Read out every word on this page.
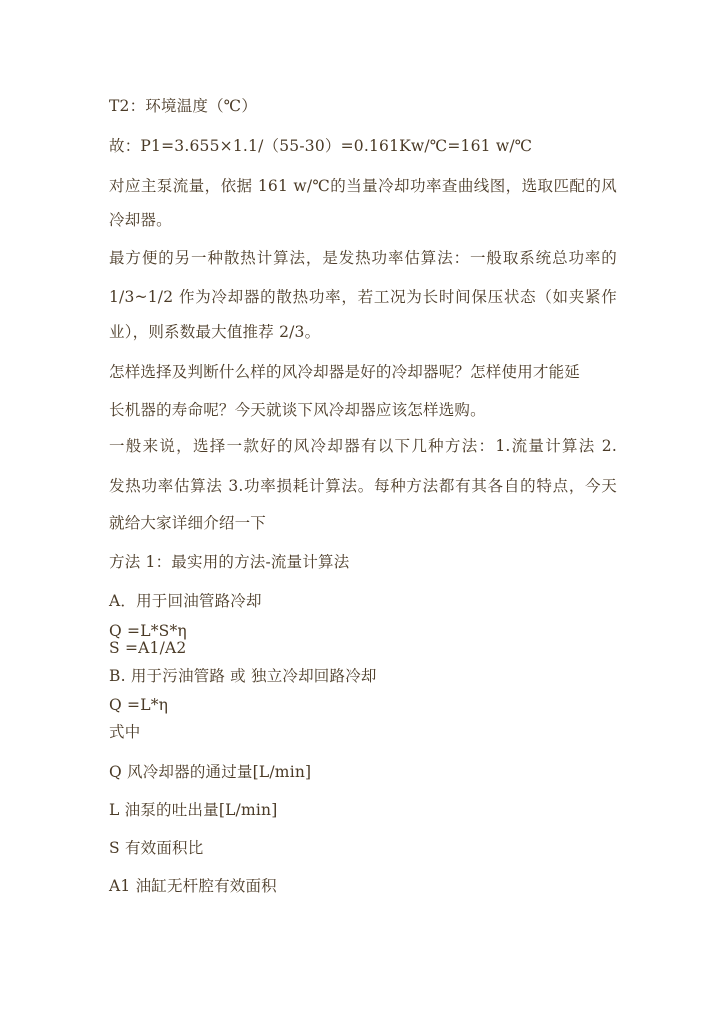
T2：环境温度（℃）
故：P1=3.655×1.1/（55-30）=0.161Kw/℃=161 w/℃
对应主泵流量，依据 161 w/℃的当量冷却功率查曲线图，选取匹配的风
冷却器。
最方便的另一种散热计算法，是发热功率估算法：一般取系统总功率的
1/3~1/2 作为冷却器的散热功率，若工况为长时间保压状态（如夹紧作
业），则系数最大值推荐 2/3。
怎样选择及判断什么样的风冷却器是好的冷却器呢？怎样使用才能延
长机器的寿命呢？今天就谈下风冷却器应该怎样选购。
一般来说，选择一款好的风冷却器有以下几种方法：1.流量计算法 2.
发热功率估算法 3.功率损耗计算法。每种方法都有其各自的特点，今天
就给大家详细介绍一下
方法 1：最实用的方法-流量计算法
A．用于回油管路冷却
Q =L*S*η
S =A1/A2
B. 用于污油管路 或 独立冷却回路冷却
Q =L*η
式中
Q 风冷却器的通过量[L/min]
L 油泵的吐出量[L/min]
S 有效面积比
A1 油缸无杆腔有效面积
